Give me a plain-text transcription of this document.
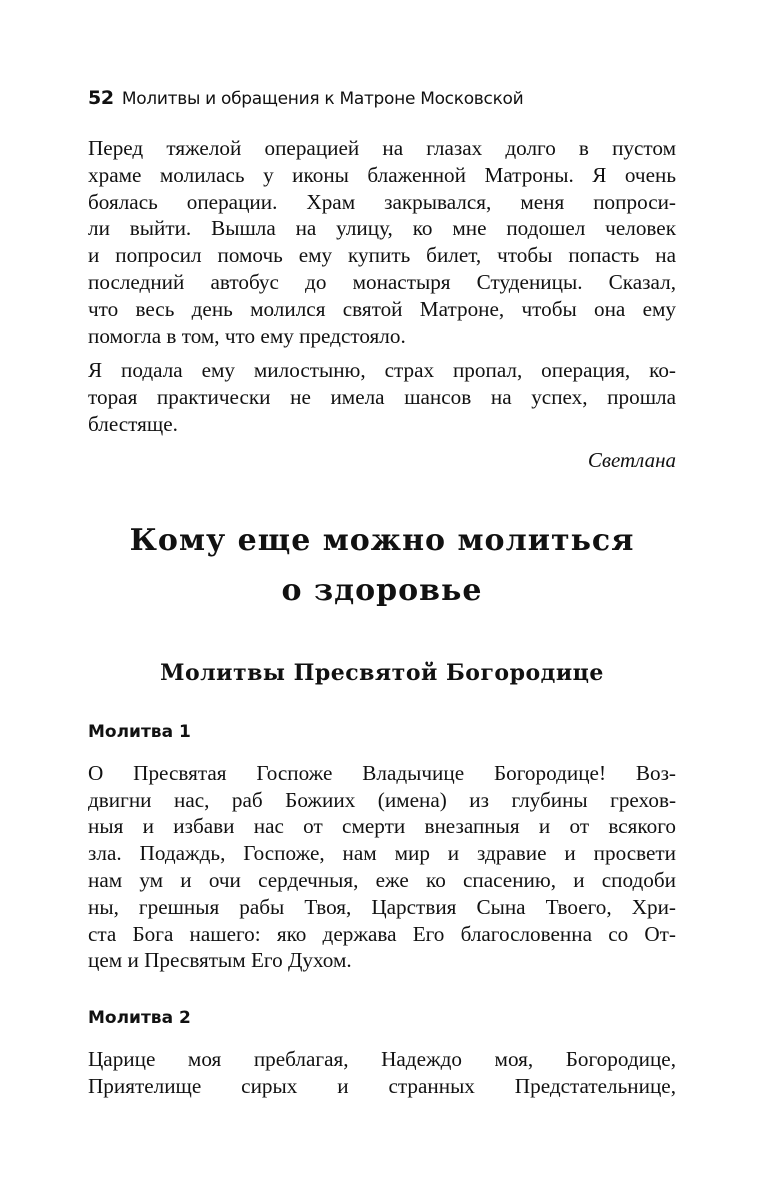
52 Молитвы и обращения к Матроне Московской
Перед тяжелой операцией на глазах долго в пустом
храме молилась у иконы блаженной Матроны. Я очень
боялась операции. Храм закрывался, меня попроси-
ли выйти. Вышла на улицу, ко мне подошел человек
и попросил помочь ему купить билет, чтобы попасть на
последний автобус до монастыря Студеницы. Сказал,
что весь день молился святой Матроне, чтобы она ему
помогла в том, что ему предстояло.
Я подала ему милостыню, страх пропал, операция, ко-
торая практически не имела шансов на успех, прошла
блестяще.
Светлана
Кому еще можно молиться
о здоровье
Молитвы Пресвятой Богородице
Молитва 1
О Пресвятая Госпоже Владычице Богородице! Воз-
двигни нас, раб Божиих (имена) из глубины грехов-
ныя и избави нас от смерти внезапныя и от всякого
зла. Подаждь, Госпоже, нам мир и здравие и просвети
нам ум и очи сердечныя, еже ко спасению, и сподоби
ны, грешныя рабы Твоя, Царствия Сына Твоего, Хри-
ста Бога нашего: яко держава Его благословенна со От-
цем и Пресвятым Его Духом.
Молитва 2
Царице моя преблагая, Надеждо моя, Богородице,
Приятелище сирых и странных Предстательнице,
